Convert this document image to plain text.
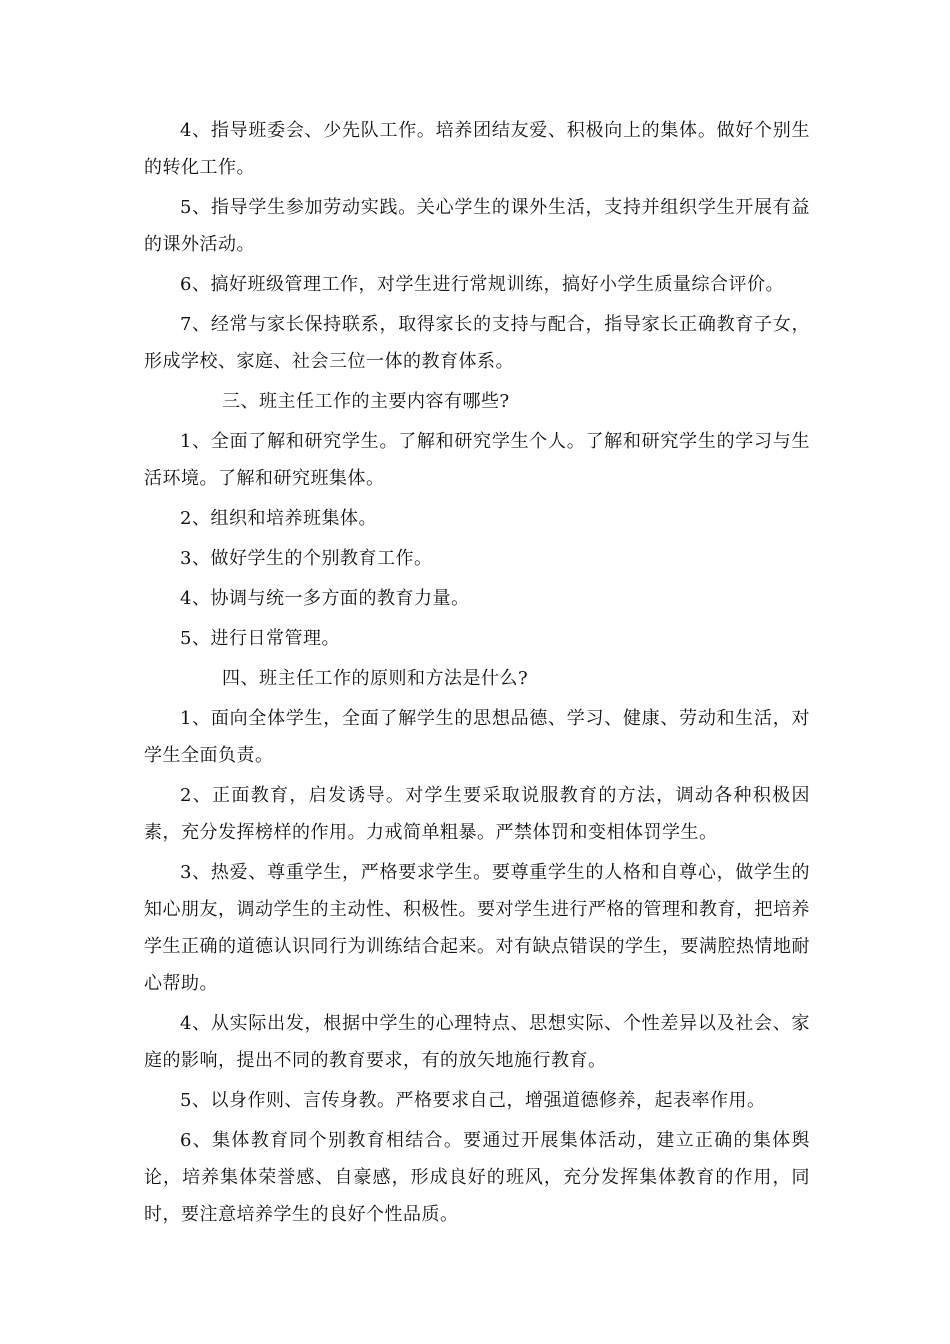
4、指导班委会、少先队工作。培养团结友爱、积极向上的集体。做好个别生的转化工作。

5、指导学生参加劳动实践。关心学生的课外生活，支持并组织学生开展有益的课外活动。

6、搞好班级管理工作，对学生进行常规训练，搞好小学生质量综合评价。

7、经常与家长保持联系，取得家长的支持与配合，指导家长正确教育子女，形成学校、家庭、社会三位一体的教育体系。

三、班主任工作的主要内容有哪些?

1、全面了解和研究学生。了解和研究学生个人。了解和研究学生的学习与生活环境。了解和研究班集体。

2、组织和培养班集体。

3、做好学生的个别教育工作。

4、协调与统一多方面的教育力量。

5、进行日常管理。

四、班主任工作的原则和方法是什么?

1、面向全体学生，全面了解学生的思想品德、学习、健康、劳动和生活，对学生全面负责。

2、正面教育，启发诱导。对学生要采取说服教育的方法，调动各种积极因素，充分发挥榜样的作用。力戒简单粗暴。严禁体罚和变相体罚学生。

3、热爱、尊重学生，严格要求学生。要尊重学生的人格和自尊心，做学生的知心朋友，调动学生的主动性、积极性。要对学生进行严格的管理和教育，把培养学生正确的道德认识同行为训练结合起来。对有缺点错误的学生，要满腔热情地耐心帮助。

4、从实际出发，根据中学生的心理特点、思想实际、个性差异以及社会、家庭的影响，提出不同的教育要求，有的放矢地施行教育。

5、以身作则、言传身教。严格要求自己，增强道德修养，起表率作用。

6、集体教育同个别教育相结合。要通过开展集体活动，建立正确的集体舆论，培养集体荣誉感、自豪感，形成良好的班风，充分发挥集体教育的作用，同时，要注意培养学生的良好个性品质。
